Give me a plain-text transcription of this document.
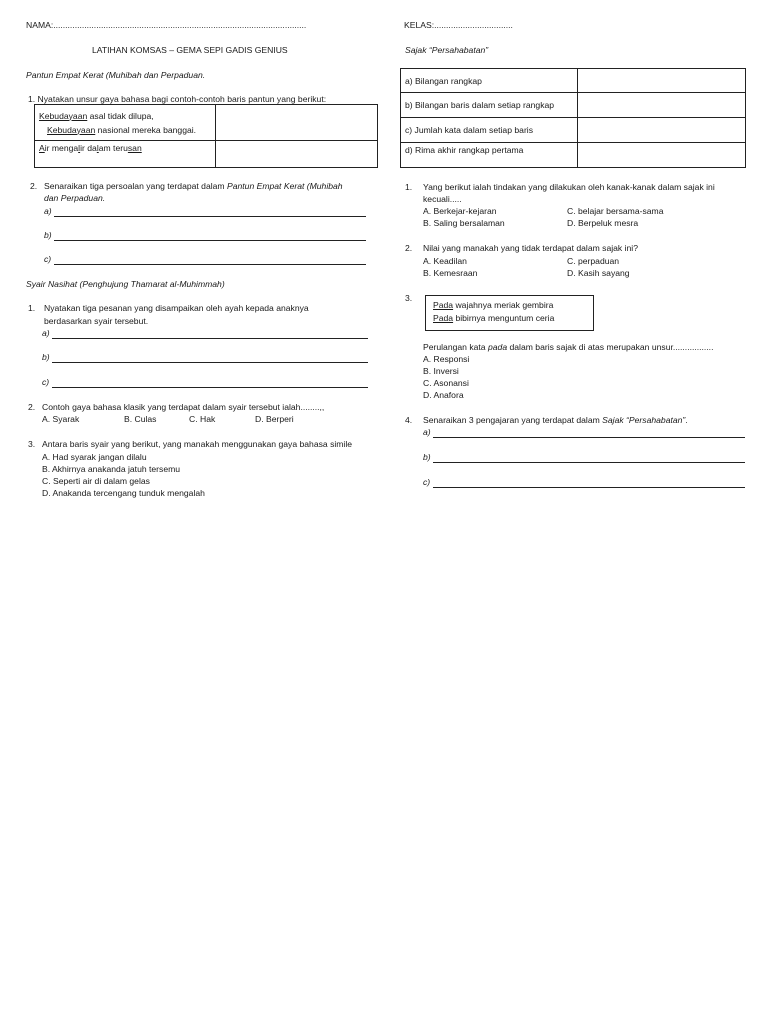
NAMA:..........................................................................................................	KELAS:.................................
LATIHAN KOMSAS – GEMA SEPI GADIS GENIUS	Sajak “Persahabatan”
Pantun Empat Kerat (Muhibah dan Perpaduan.
1. Nyatakan unsur gaya bahasa bagi contoh-contoh baris pantun yang berikut:
Kebudayaan asal tidak dilupa,
Kebudayaan nasional mereka banggai.	

Air mengalir dalam terusan	
2. Senaraikan tiga persoalan yang terdapat dalam Pantun Empat Kerat (Muhibah
dan Perpaduan.
a)
b)
c)
Syair Nasihat (Penghujung Thamarat al-Muhimmah)
1. Nyatakan tiga pesanan yang disampaikan oleh ayah kepada anaknya
berdasarkan syair tersebut.
a)
b)
c)
2. Contoh gaya bahasa klasik yang terdapat dalam syair tersebut ialah........,,
A. Syarak	B. Culas	C. Hak	D. Berperi
3. Antara baris syair yang berikut, yang manakah menggunakan gaya bahasa simile
A. Had syarak jangan dilalu
B. Akhirnya anakanda jatuh tersemu
C. Seperti air di dalam gelas
D. Anakanda tercengang tunduk mengalah
a) Bilangan rangkap	
b) Bilangan baris dalam setiap rangkap	
c) Jumlah kata dalam setiap baris	
d) Rima akhir rangkap pertama	
1. Yang berikut ialah tindakan yang dilakukan oleh kanak-kanak dalam sajak ini
kecuali.....
A. Berkejar-kejaran	C. belajar bersama-sama
B. Saling bersalaman	D. Berpeluk mesra
2. Nilai yang manakah yang tidak terdapat dalam sajak ini?
A. Keadilan	C. perpaduan
B. Kemesraan	D. Kasih sayang
3.
Pada wajahnya meriak gembira
Pada bibirnya menguntum ceria
Perulangan kata pada dalam baris sajak di atas merupakan unsur.................
A. Responsi
B. Inversi
C. Asonansi
D. Anafora
4. Senaraikan 3 pengajaran yang terdapat dalam Sajak “Persahabatan”.
a)
b)
c)
